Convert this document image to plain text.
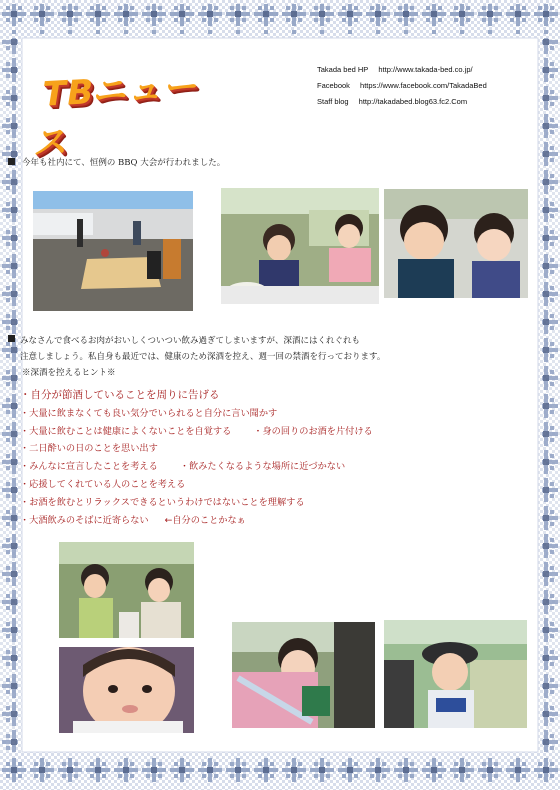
TBニュース
Takada bed HP http://www.takada-bed.co.jp/
Facebook https://www.facebook.com/TakadaBed
Staff blog http://takadabed.blog63.fc2.Com
今年も社内にて、恒例の BBQ 大会が行われました。
みなさんで食べるお肉がおいしくついつい飲み過ぎてしまいますが、深酒にはくれぐれも
注意しましょう。私自身も最近では、健康のため深酒を控え、週一回の禁酒を行っております。
※深酒を控えるヒント※
・自分が節酒していることを周りに告げる
・大量に飲まなくても良い気分でいられると自分に言い聞かす
・大量に飲むことは健康によくないことを自覚する ・身の回りのお酒を片付ける
・二日酔いの日のことを思い出す
・みんなに宣言したことを考える ・飲みたくなるような場所に近づかない
・応援してくれている人のことを考える
・お酒を飲むとリラックスできるというわけではないことを理解する
・大酒飲みのそばに近寄らない ←自分のことかなぁ
